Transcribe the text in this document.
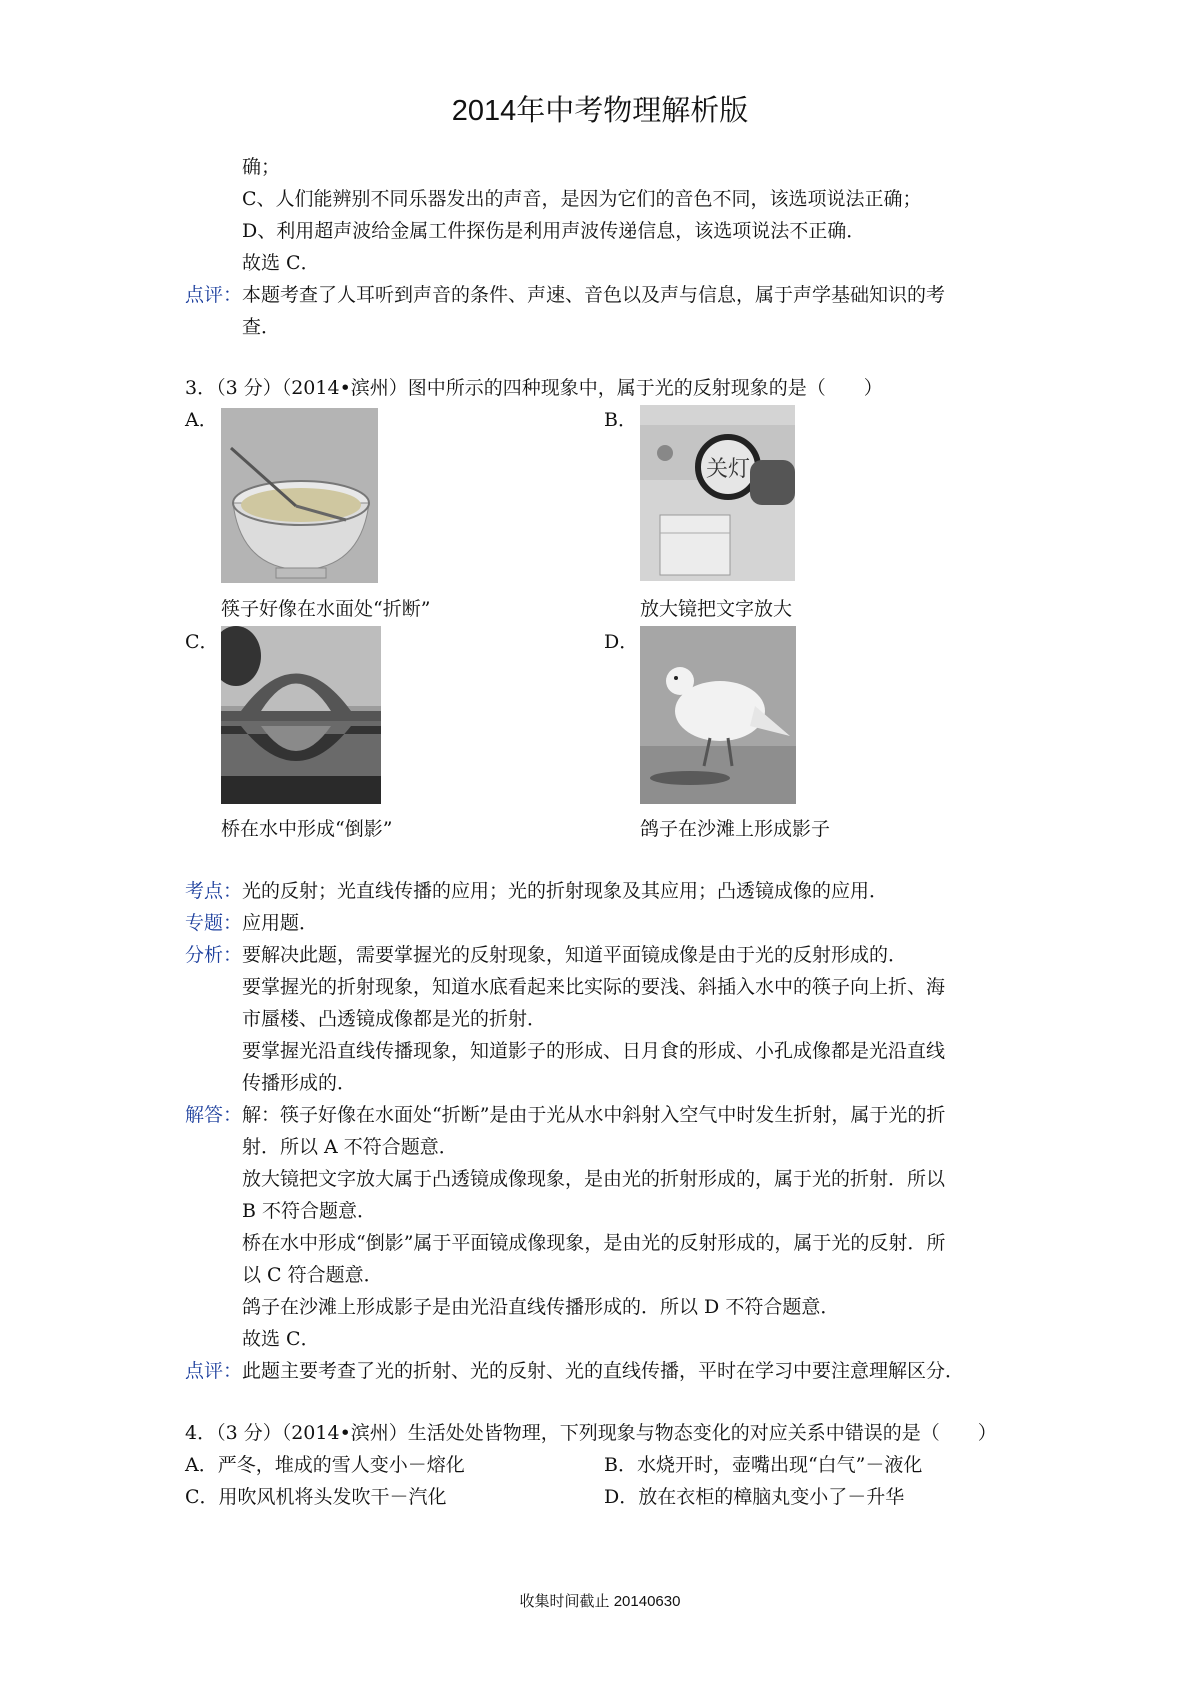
2014年中考物理解析版
确；
C、人们能辨别不同乐器发出的声音，是因为它们的音色不同，该选项说法正确；
D、利用超声波给金属工件探伤是利用声波传递信息，该选项说法不正确．
故选 C．
点评： 本题考查了人耳听到声音的条件、声速、音色以及声与信息，属于声学基础知识的考
查．
3．（3 分）（2014•滨州）图中所示的四种现象中，属于光的反射现象的是（　　）
A．	B．
关灯
筷子好像在水面处“折断”	放大镜把文字放大
C．	D．
桥在水中形成“倒影”	鸽子在沙滩上形成影子
考点： 光的反射；光直线传播的应用；光的折射现象及其应用；凸透镜成像的应用．
专题： 应用题．
分析： 要解决此题，需要掌握光的反射现象，知道平面镜成像是由于光的反射形成的．
要掌握光的折射现象，知道水底看起来比实际的要浅、斜插入水中的筷子向上折、海
市蜃楼、凸透镜成像都是光的折射．
要掌握光沿直线传播现象，知道影子的形成、日月食的形成、小孔成像都是光沿直线
传播形成的．
解答： 解：筷子好像在水面处“折断”是由于光从水中斜射入空气中时发生折射，属于光的折
射．所以 A 不符合题意．
放大镜把文字放大属于凸透镜成像现象，是由光的折射形成的，属于光的折射．所以
B 不符合题意．
桥在水中形成“倒影”属于平面镜成像现象，是由光的反射形成的，属于光的反射．所
以 C 符合题意．
鸽子在沙滩上形成影子是由光沿直线传播形成的．所以 D 不符合题意．
故选 C．
点评： 此题主要考查了光的折射、光的反射、光的直线传播，平时在学习中要注意理解区分．
4．（3 分）（2014•滨州）生活处处皆物理，下列现象与物态变化的对应关系中错误的是（　　）
A．严冬，堆成的雪人变小－熔化	B．水烧开时，壶嘴出现“白气”－液化
C．用吹风机将头发吹干－汽化	D．放在衣柜的樟脑丸变小了－升华
收集时间截止 20140630
